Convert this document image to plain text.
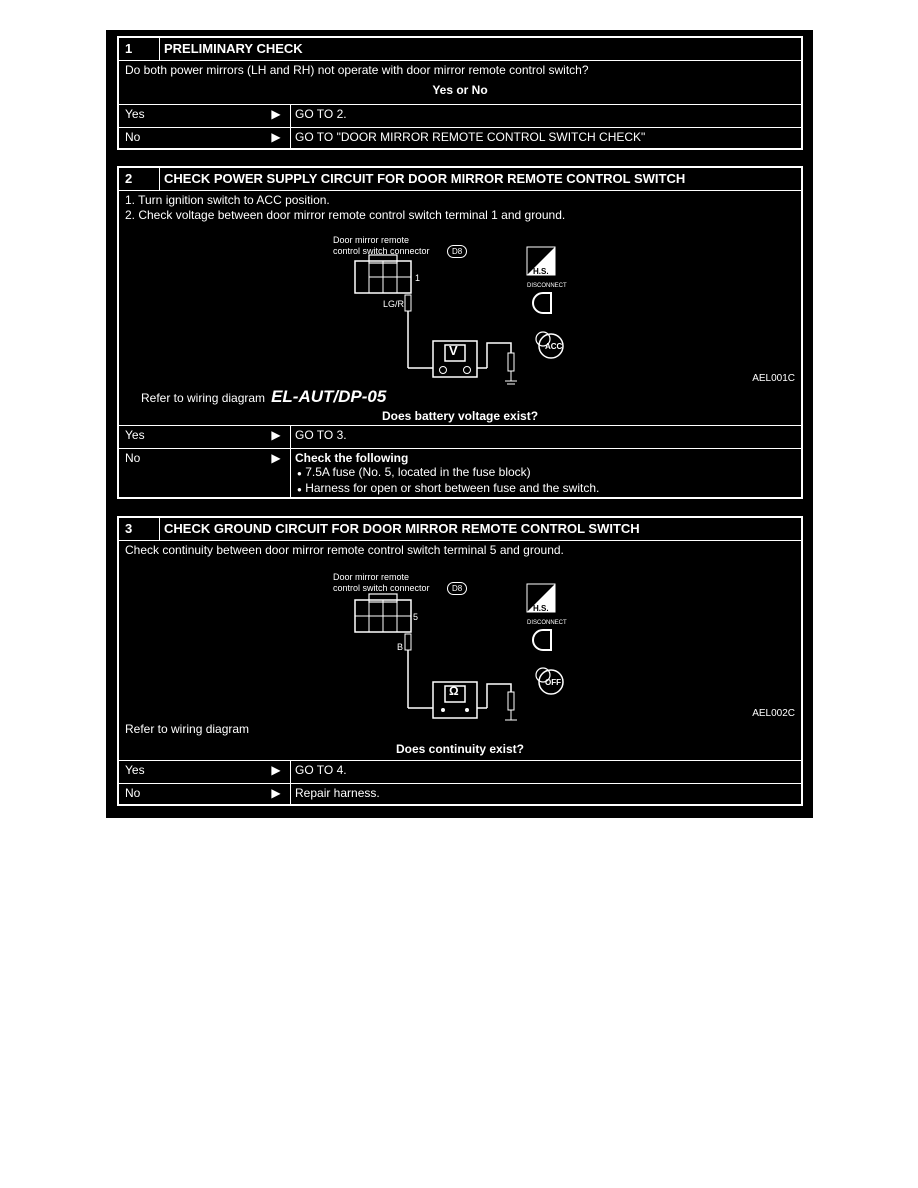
1	PRELIMINARY CHECK
Do both power mirrors (LH and RH) not operate with door mirror remote control switch?
Yes or No
Yes	▶	GO TO 2.
No	▶	GO TO "DOOR MIRROR REMOTE CONTROL SWITCH CHECK"
2	CHECK POWER SUPPLY CIRCUIT FOR DOOR MIRROR REMOTE CONTROL SWITCH
1. Turn ignition switch to ACC position.
2. Check voltage between door mirror remote control switch terminal 1 and ground.
Door mirror remote
control switch connector	D8
1
LG/R
V
H.S.
DISCONNECT
ACC
AEL001C
Refer to wiring diagram EL-AUT/DP-05
Does battery voltage exist?
Yes	▶	GO TO 3.
No	▶	Check the following
● 7.5A fuse (No. 5, located in the fuse block)
● Harness for open or short between fuse and the switch.
3	CHECK GROUND CIRCUIT FOR DOOR MIRROR REMOTE CONTROL SWITCH
Check continuity between door mirror remote control switch terminal 5 and ground.
Door mirror remote
control switch connector	D8
5
B
Ω
H.S.
DISCONNECT
OFF
AEL002C
Refer to wiring diagram
Does continuity exist?
Yes	▶	GO TO 4.
No	▶	Repair harness.
